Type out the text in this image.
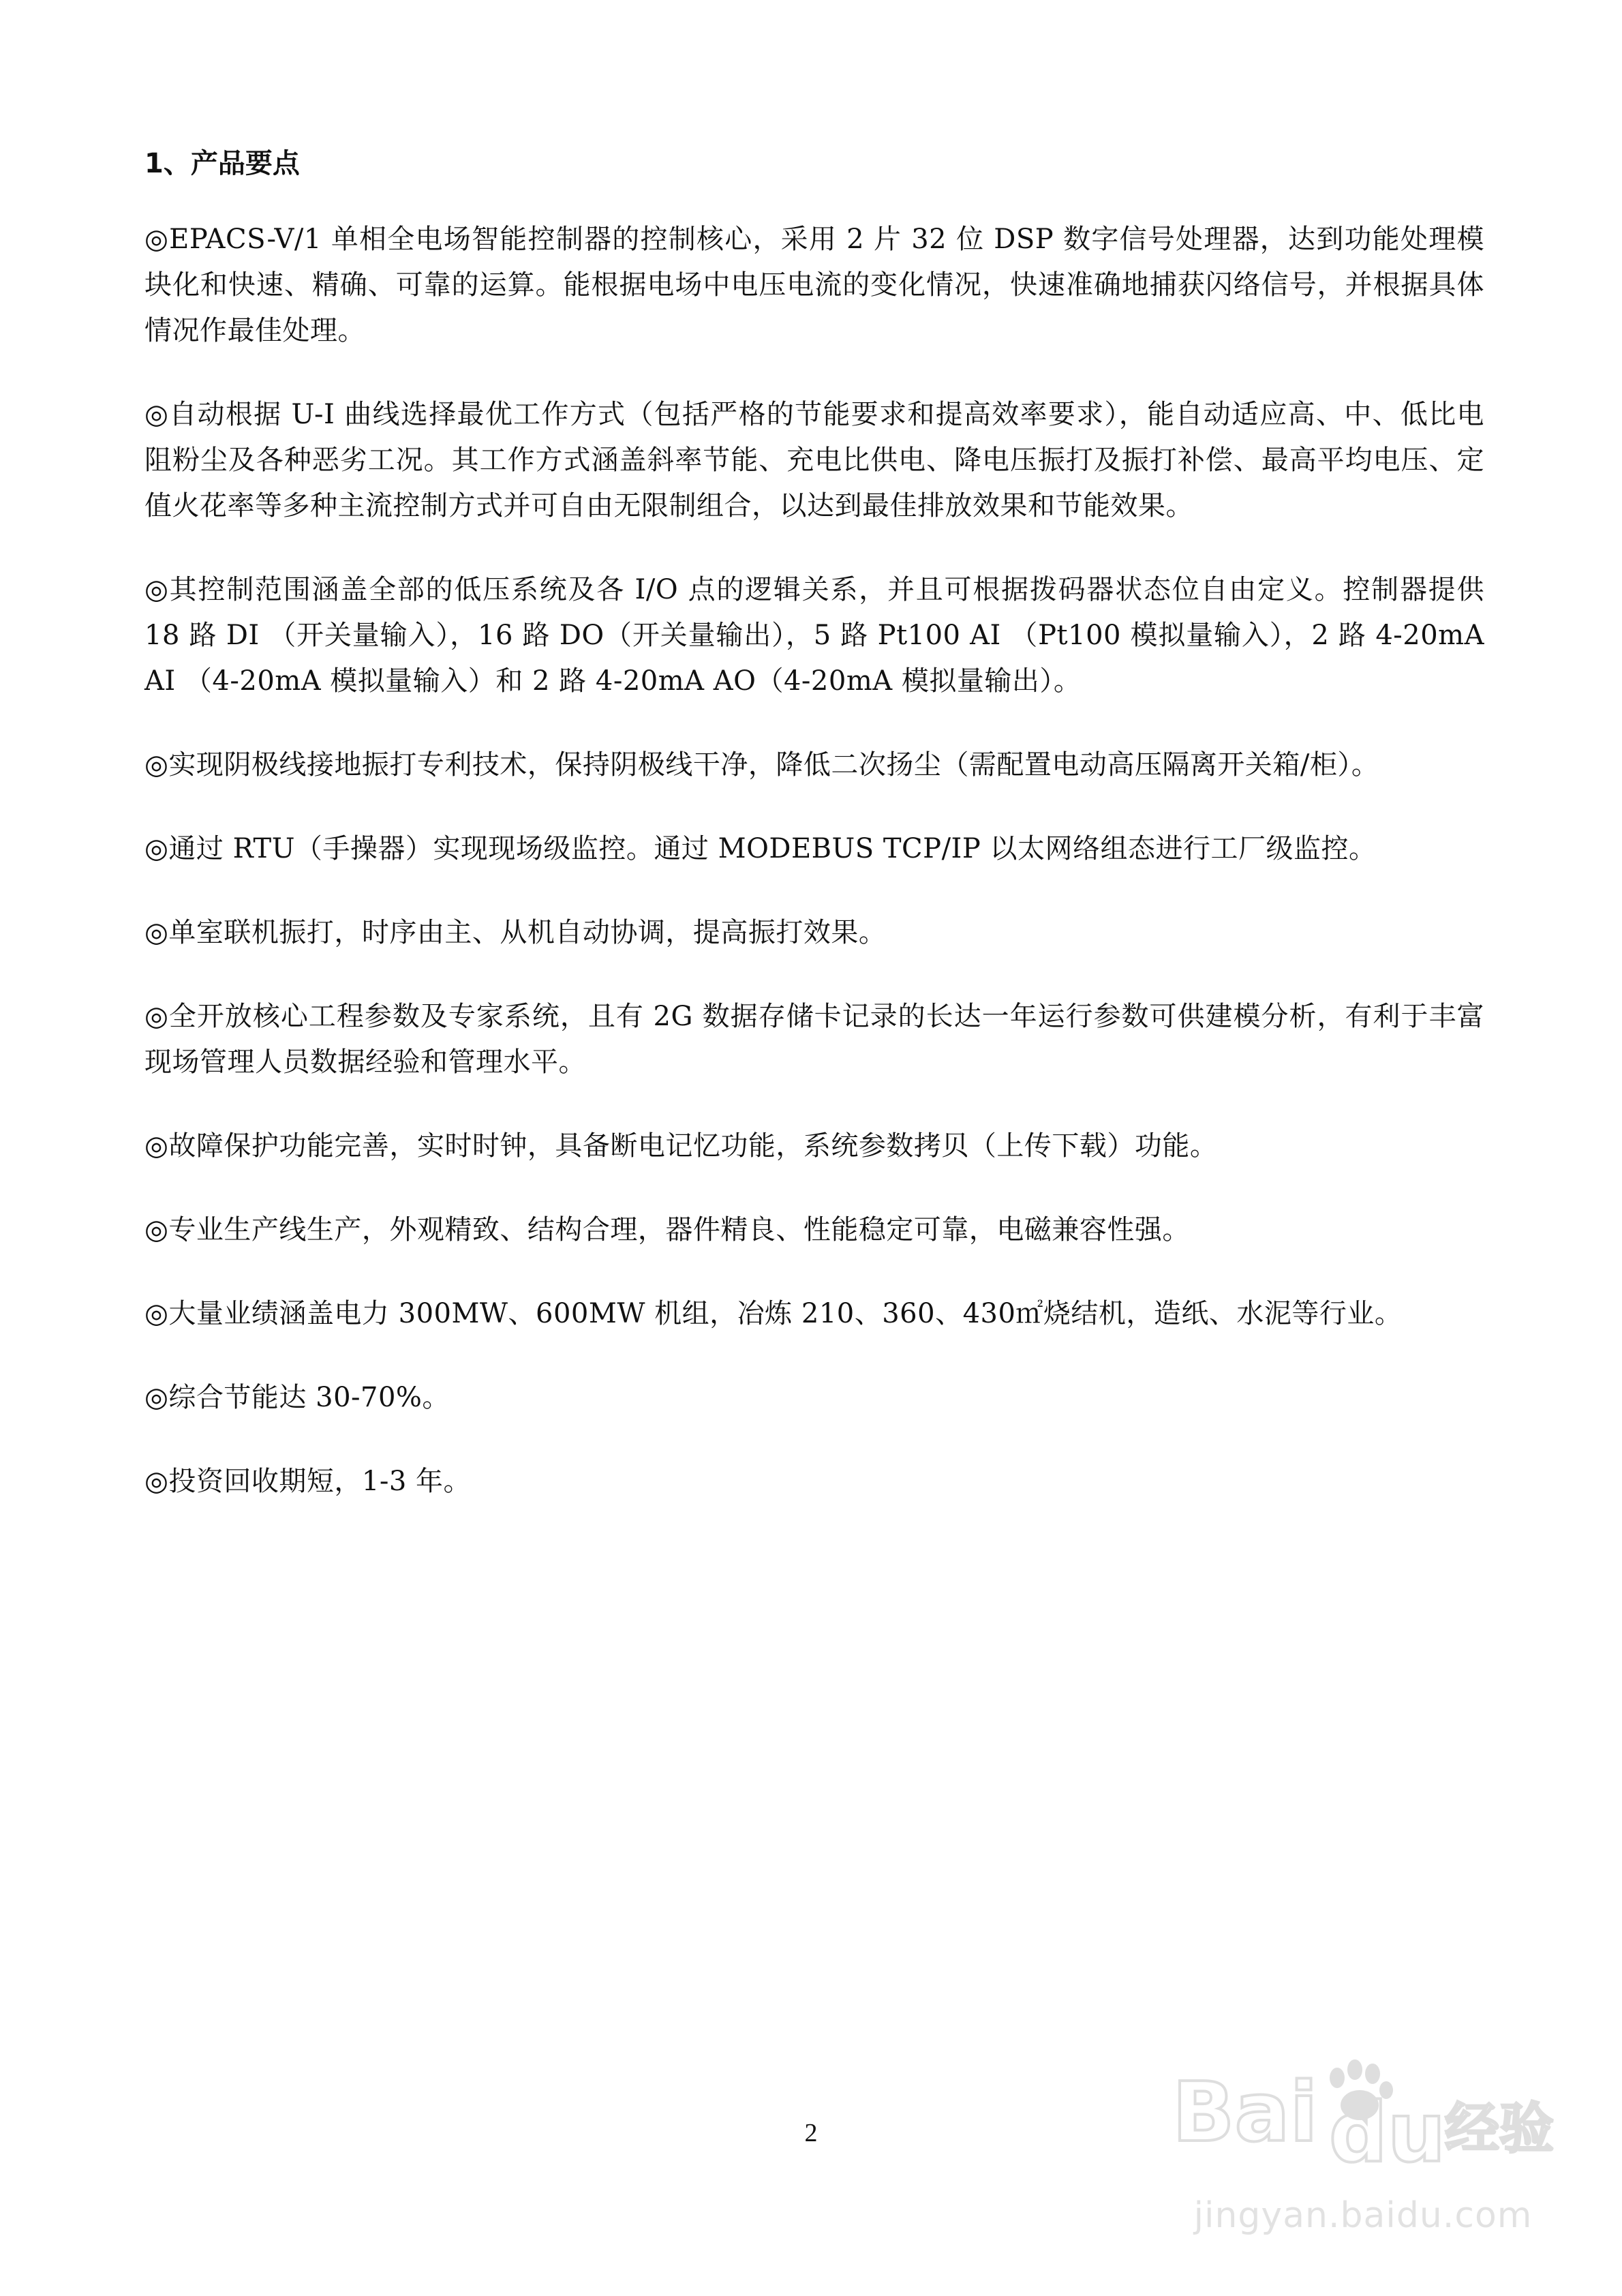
1、产品要点

◎EPACS-V/1 单相全电场智能控制器的控制核心，采用 2 片 32 位 DSP 数字信号处理器，达到功能处理模块化和快速、精确、可靠的运算。能根据电场中电压电流的变化情况，快速准确地捕获闪络信号，并根据具体情况作最佳处理。

◎自动根据 U-I 曲线选择最优工作方式（包括严格的节能要求和提高效率要求），能自动适应高、中、低比电阻粉尘及各种恶劣工况。其工作方式涵盖斜率节能、充电比供电、降电压振打及振打补偿、最高平均电压、定值火花率等多种主流控制方式并可自由无限制组合，以达到最佳排放效果和节能效果。

◎其控制范围涵盖全部的低压系统及各 I/O 点的逻辑关系，并且可根据拨码器状态位自由定义。控制器提供 18 路 DI （开关量输入），16 路 DO（开关量输出），5 路 Pt100 AI （Pt100 模拟量输入），2 路 4-20mA AI （4-20mA 模拟量输入）和 2 路 4-20mA AO（4-20mA 模拟量输出）。

◎实现阴极线接地振打专利技术，保持阴极线干净，降低二次扬尘（需配置电动高压隔离开关箱/柜）。

◎通过 RTU（手操器）实现现场级监控。通过 MODEBUS TCP/IP 以太网络组态进行工厂级监控。

◎单室联机振打，时序由主、从机自动协调，提高振打效果。

◎全开放核心工程参数及专家系统，且有 2G 数据存储卡记录的长达一年运行参数可供建模分析，有利于丰富现场管理人员数据经验和管理水平。

◎故障保护功能完善，实时时钟，具备断电记忆功能，系统参数拷贝（上传下载）功能。

◎专业生产线生产，外观精致、结构合理，器件精良、性能稳定可靠，电磁兼容性强。

◎大量业绩涵盖电力 300MW、600MW 机组，冶炼 210、360、430㎡烧结机，造纸、水泥等行业。

◎综合节能达 30-70%。

◎投资回收期短，1-3 年。

2	Bai du
经验
jingyan.baidu.com
